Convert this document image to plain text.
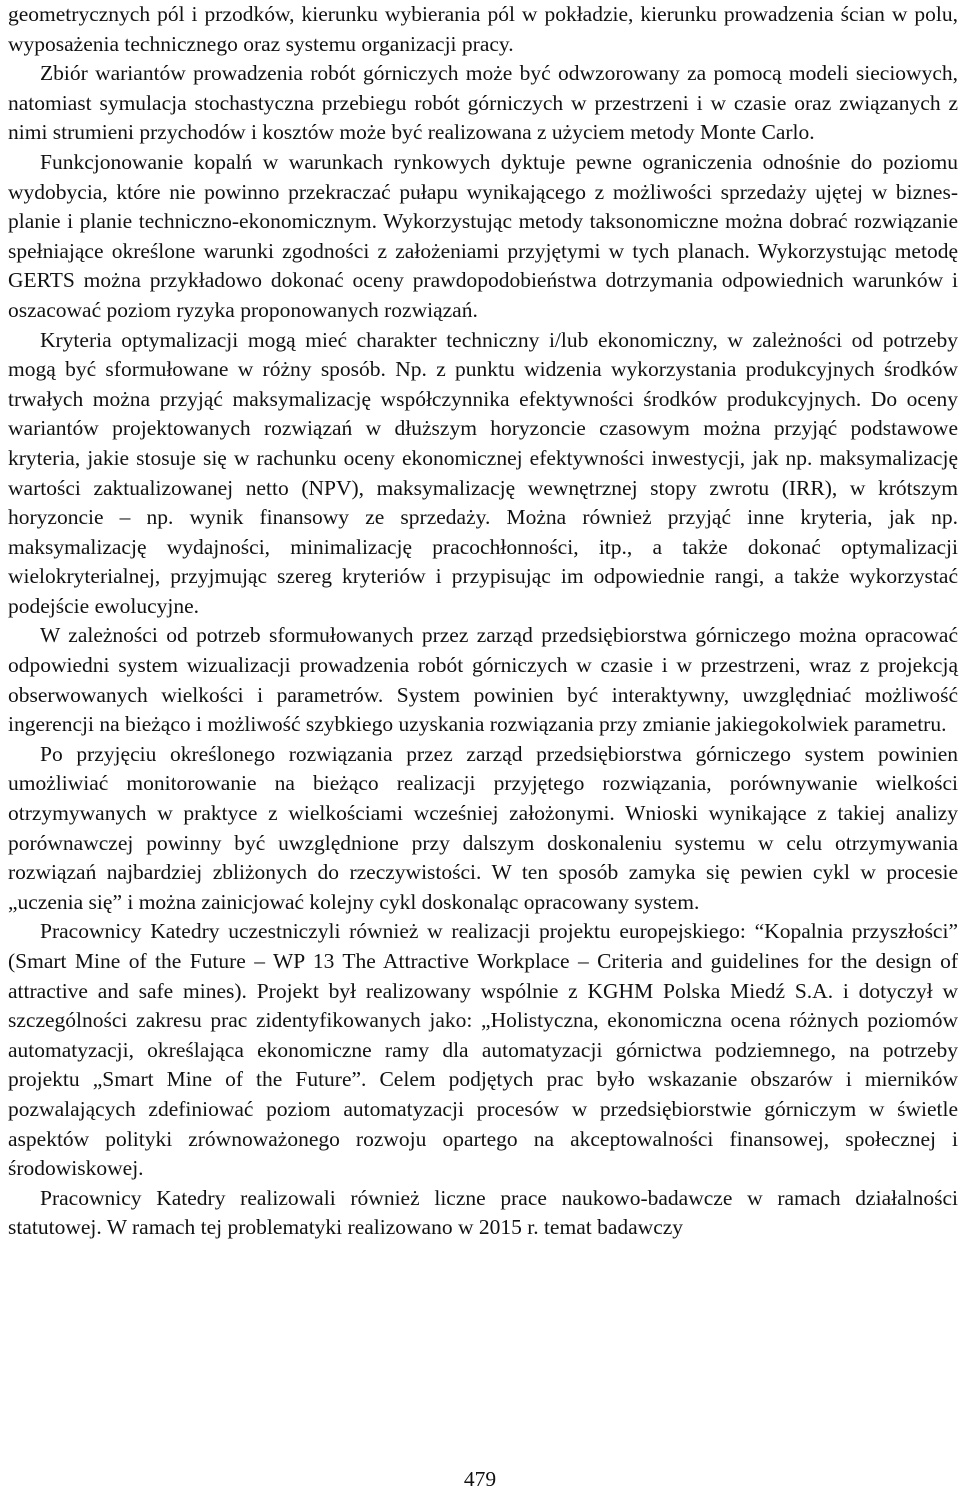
geometrycznych pól i przodków, kierunku wybierania pól w pokładzie, kierunku prowadzenia ścian w polu, wyposażenia technicznego oraz systemu organizacji pracy.

Zbiór wariantów prowadzenia robót górniczych może być odwzorowany za pomocą modeli sieciowych, natomiast symulacja stochastyczna przebiegu robót górniczych w przestrzeni i w czasie oraz związanych z nimi strumieni przychodów i kosztów może być realizowana z użyciem metody Monte Carlo.

Funkcjonowanie kopalń w warunkach rynkowych dyktuje pewne ograniczenia odnośnie do poziomu wydobycia, które nie powinno przekraczać pułapu wynikającego z możliwości sprzedaży ujętej w biznes-planie i planie techniczno-ekonomicznym. Wykorzystując metody taksonomiczne można dobrać rozwiązanie spełniające określone warunki zgodności z założeniami przyjętymi w tych planach. Wykorzystując metodę GERTS można przykładowo dokonać oceny prawdopodobieństwa dotrzymania odpowiednich warunków i oszacować poziom ryzyka proponowanych rozwiązań.

Kryteria optymalizacji mogą mieć charakter techniczny i/lub ekonomiczny, w zależności od potrzeby mogą być sformułowane w różny sposób. Np. z punktu widzenia wykorzystania produkcyjnych środków trwałych można przyjąć maksymalizację współczynnika efektywności środków produkcyjnych. Do oceny wariantów projektowanych rozwiązań w dłuższym horyzoncie czasowym można przyjąć podstawowe kryteria, jakie stosuje się w rachunku oceny ekonomicznej efektywności inwestycji, jak np. maksymalizację wartości zaktualizowanej netto (NPV), maksymalizację wewnętrznej stopy zwrotu (IRR), w krótszym horyzoncie – np. wynik finansowy ze sprzedaży. Można również przyjąć inne kryteria, jak np. maksymalizację wydajności, minimalizację pracochłonności, itp., a także dokonać optymalizacji wielokryterialnej, przyjmując szereg kryteriów i przypisując im odpowiednie rangi, a także wykorzystać podejście ewolucyjne.

W zależności od potrzeb sformułowanych przez zarząd przedsiębiorstwa górniczego można opracować odpowiedni system wizualizacji prowadzenia robót górniczych w czasie i w przestrzeni, wraz z projekcją obserwowanych wielkości i parametrów. System powinien być interaktywny, uwzględniać możliwość ingerencji na bieżąco i możliwość szybkiego uzyskania rozwiązania przy zmianie jakiegokolwiek parametru.

Po przyjęciu określonego rozwiązania przez zarząd przedsiębiorstwa górniczego system powinien umożliwiać monitorowanie na bieżąco realizacji przyjętego rozwiązania, porównywanie wielkości otrzymywanych w praktyce z wielkościami wcześniej założonymi. Wnioski wynikające z takiej analizy porównawczej powinny być uwzględnione przy dalszym doskonaleniu systemu w celu otrzymywania rozwiązań najbardziej zbliżonych do rzeczywistości. W ten sposób zamyka się pewien cykl w procesie „uczenia się” i można zainicjować kolejny cykl doskonaląc opracowany system.

Pracownicy Katedry uczestniczyli również w realizacji projektu europejskiego: “Kopalnia przyszłości” (Smart Mine of the Future – WP 13 The Attractive Workplace – Criteria and guidelines for the design of attractive and safe mines). Projekt był realizowany wspólnie z KGHM Polska Miedź S.A. i dotyczył w szczególności zakresu prac zidentyfikowanych jako: „Holistyczna, ekonomiczna ocena różnych poziomów automatyzacji, określająca ekonomiczne ramy dla automatyzacji górnictwa podziemnego, na potrzeby projektu „Smart Mine of the Future”. Celem podjętych prac było wskazanie obszarów i mierników pozwalających zdefiniować poziom automatyzacji procesów w przedsiębiorstwie górniczym w świetle aspektów polityki zrównoważonego rozwoju opartego na akceptowalności finansowej, społecznej i środowiskowej.

Pracownicy Katedry realizowali również liczne prace naukowo-badawcze w ramach działalności statutowej. W ramach tej problematyki realizowano w 2015 r. temat badawczy

479
